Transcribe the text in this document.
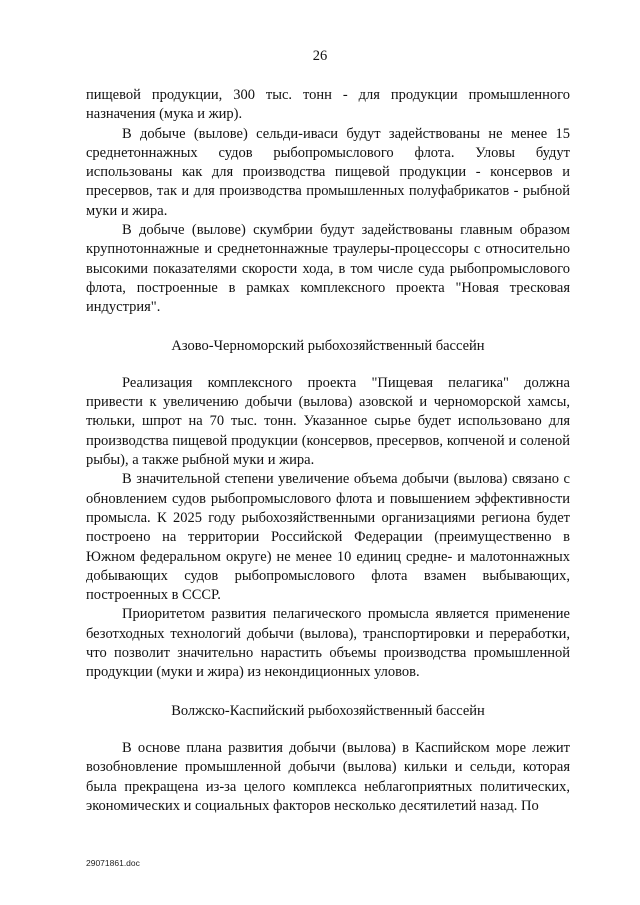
26

пищевой продукции, 300 тыс. тонн - для продукции промышленного назначения (мука и жир).

В добыче (вылове) сельди-иваси будут задействованы не менее 15 среднетоннажных судов рыбопромыслового флота. Уловы будут использованы как для производства пищевой продукции - консервов и пресервов, так и для производства промышленных полуфабрикатов - рыбной муки и жира.

В добыче (вылове) скумбрии будут задействованы главным образом крупнотоннажные и среднетоннажные траулеры-процессоры с относительно высокими показателями скорости хода, в том числе суда рыбопромыслового флота, построенные в рамках комплексного проекта "Новая тресковая индустрия".

Азово-Черноморский рыбохозяйственный бассейн

Реализация комплексного проекта "Пищевая пелагика" должна привести к увеличению добычи (вылова) азовской и черноморской хамсы, тюльки, шпрот на 70 тыс. тонн. Указанное сырье будет использовано для производства пищевой продукции (консервов, пресервов, копченой и соленой рыбы), а также рыбной муки и жира.

В значительной степени увеличение объема добычи (вылова) связано с обновлением судов рыбопромыслового флота и повышением эффективности промысла. К 2025 году рыбохозяйственными организациями региона будет построено на территории Российской Федерации (преимущественно в Южном федеральном округе) не менее 10 единиц средне- и малотоннажных добывающих судов рыбопромыслового флота взамен выбывающих, построенных в СССР.

Приоритетом развития пелагического промысла является применение безотходных технологий добычи (вылова), транспортировки и переработки, что позволит значительно нарастить объемы производства промышленной продукции (муки и жира) из некондиционных уловов.

Волжско-Каспийский рыбохозяйственный бассейн

В основе плана развития добычи (вылова) в Каспийском море лежит возобновление промышленной добычи (вылова) кильки и сельди, которая была прекращена из-за целого комплекса неблагоприятных политических, экономических и социальных факторов несколько десятилетий назад. По

29071861.doc
